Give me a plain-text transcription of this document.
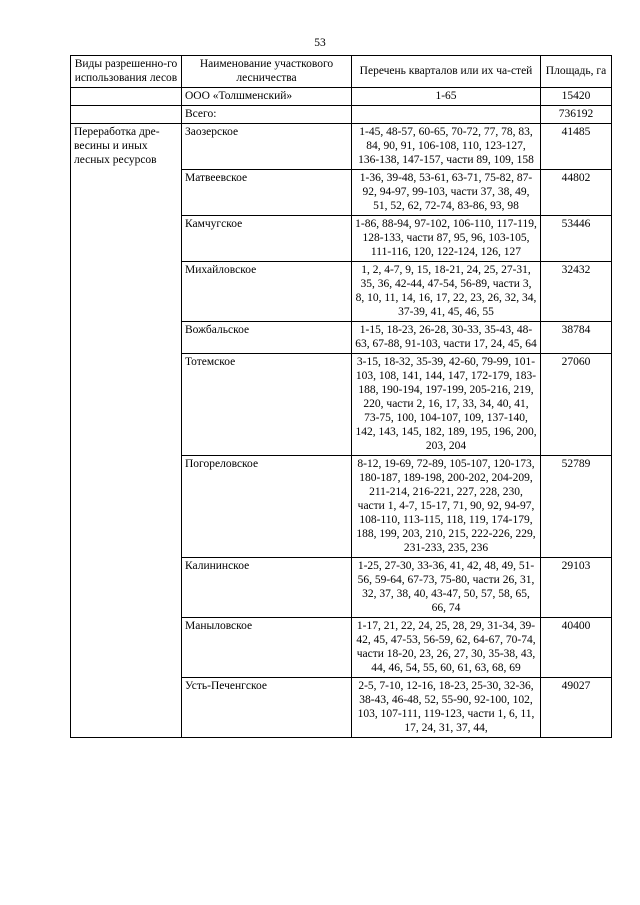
53
Виды разрешенно-го использования лесов	Наименование участкового лесничества	Перечень кварталов или их ча-стей	Площадь, га
	ООО «Толшменский»	1-65	15420
	Всего:		736192
Переработка дре-весины и иных лесных ресурсов	Заозерское	1-45, 48-57, 60-65, 70-72, 77, 78, 83, 84, 90, 91, 106-108, 110, 123-127, 136-138, 147-157, части 89, 109, 158	41485
	Матвеевское	1-36, 39-48, 53-61, 63-71, 75-82, 87-92, 94-97, 99-103, части 37, 38, 49, 51, 52, 62, 72-74, 83-86, 93, 98	44802
	Камчугское	1-86, 88-94, 97-102, 106-110, 117-119, 128-133, части 87, 95, 96, 103-105, 111-116, 120, 122-124, 126, 127	53446
	Михайловское	1, 2, 4-7, 9, 15, 18-21, 24, 25, 27-31, 35, 36, 42-44, 47-54, 56-89, части 3, 8, 10, 11, 14, 16, 17, 22, 23, 26, 32, 34, 37-39, 41, 45, 46, 55	32432
	Вожбальское	1-15, 18-23, 26-28, 30-33, 35-43, 48-63, 67-88, 91-103, части 17, 24, 45, 64	38784
	Тотемское	3-15, 18-32, 35-39, 42-60, 79-99, 101-103, 108, 141, 144, 147, 172-179, 183-188, 190-194, 197-199, 205-216, 219, 220, части 2, 16, 17, 33, 34, 40, 41, 73-75, 100, 104-107, 109, 137-140, 142, 143, 145, 182, 189, 195, 196, 200, 203, 204	27060
	Погореловское	8-12, 19-69, 72-89, 105-107, 120-173, 180-187, 189-198, 200-202, 204-209, 211-214, 216-221, 227, 228, 230, части 1, 4-7, 15-17, 71, 90, 92, 94-97, 108-110, 113-115, 118, 119, 174-179, 188, 199, 203, 210, 215, 222-226, 229, 231-233, 235, 236	52789
	Калининское	1-25, 27-30, 33-36, 41, 42, 48, 49, 51-56, 59-64, 67-73, 75-80, части 26, 31, 32, 37, 38, 40, 43-47, 50, 57, 58, 65, 66, 74	29103
	Маныловское	1-17, 21, 22, 24, 25, 28, 29, 31-34, 39-42, 45, 47-53, 56-59, 62, 64-67, 70-74, части 18-20, 23, 26, 27, 30, 35-38, 43, 44, 46, 54, 55, 60, 61, 63, 68, 69	40400
	Усть-Печенгское	2-5, 7-10, 12-16, 18-23, 25-30, 32-36, 38-43, 46-48, 52, 55-90, 92-100, 102, 103, 107-111, 119-123, части 1, 6, 11, 17, 24, 31, 37, 44,	49027
